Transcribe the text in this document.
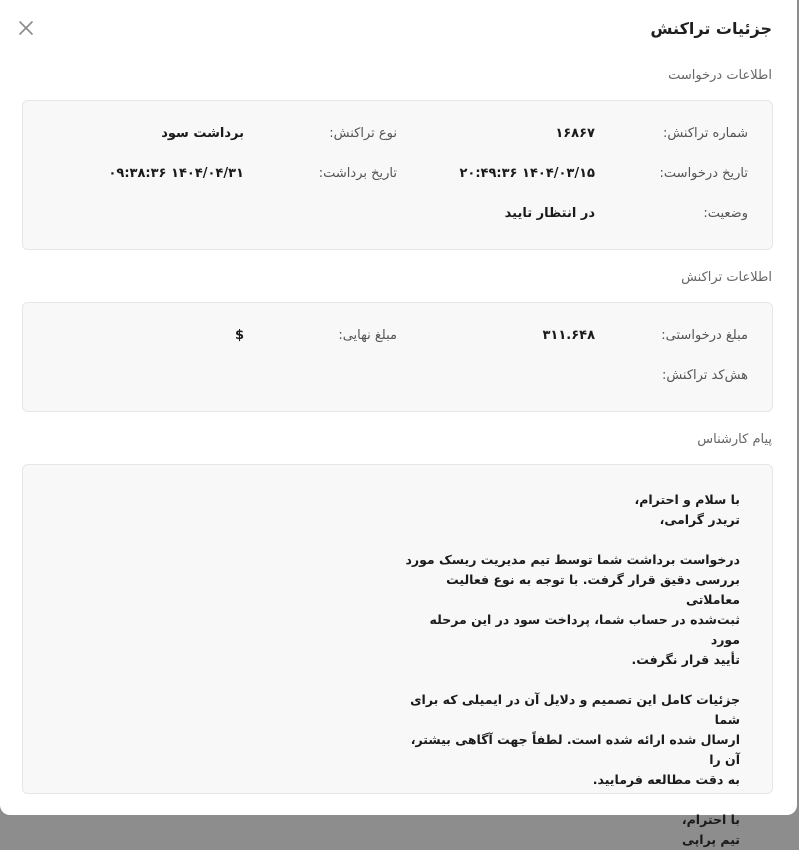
جزئیات تراکنش
اطلاعات درخواست
شماره تراکنش:
۱۶۸۶۷
نوع تراکنش:
برداشت سود
تاریخ درخواست:
۱۴۰۴/۰۳/۱۵ ۲۰:۴۹:۳۶
تاریخ برداشت:
۱۴۰۴/۰۴/۳۱ ۰۹:۳۸:۳۶
وضعیت:
در انتظار تایید
اطلاعات تراکنش
مبلغ درخواستی:
۳۱۱.۶۴۸
مبلغ نهایی:
$
هش‌کد تراکنش:
پیام کارشناس

با سلام و احترام،
تریدر گرامی،

درخواست برداشت شما توسط تیم مدیریت ریسک مورد
بررسی دقیق قرار گرفت. با توجه به نوع فعالیت معاملاتی
ثبت‌شده در حساب شما، پرداخت سود در این مرحله مورد
تأیید قرار نگرفت.

جزئیات کامل این تصمیم و دلایل آن در ایمیلی که برای شما
ارسال شده ارائه شده است. لطفاً جهت آگاهی بیشتر، آن را
به دقت مطالعه فرمایید.

با احترام،
تیم پراپی
